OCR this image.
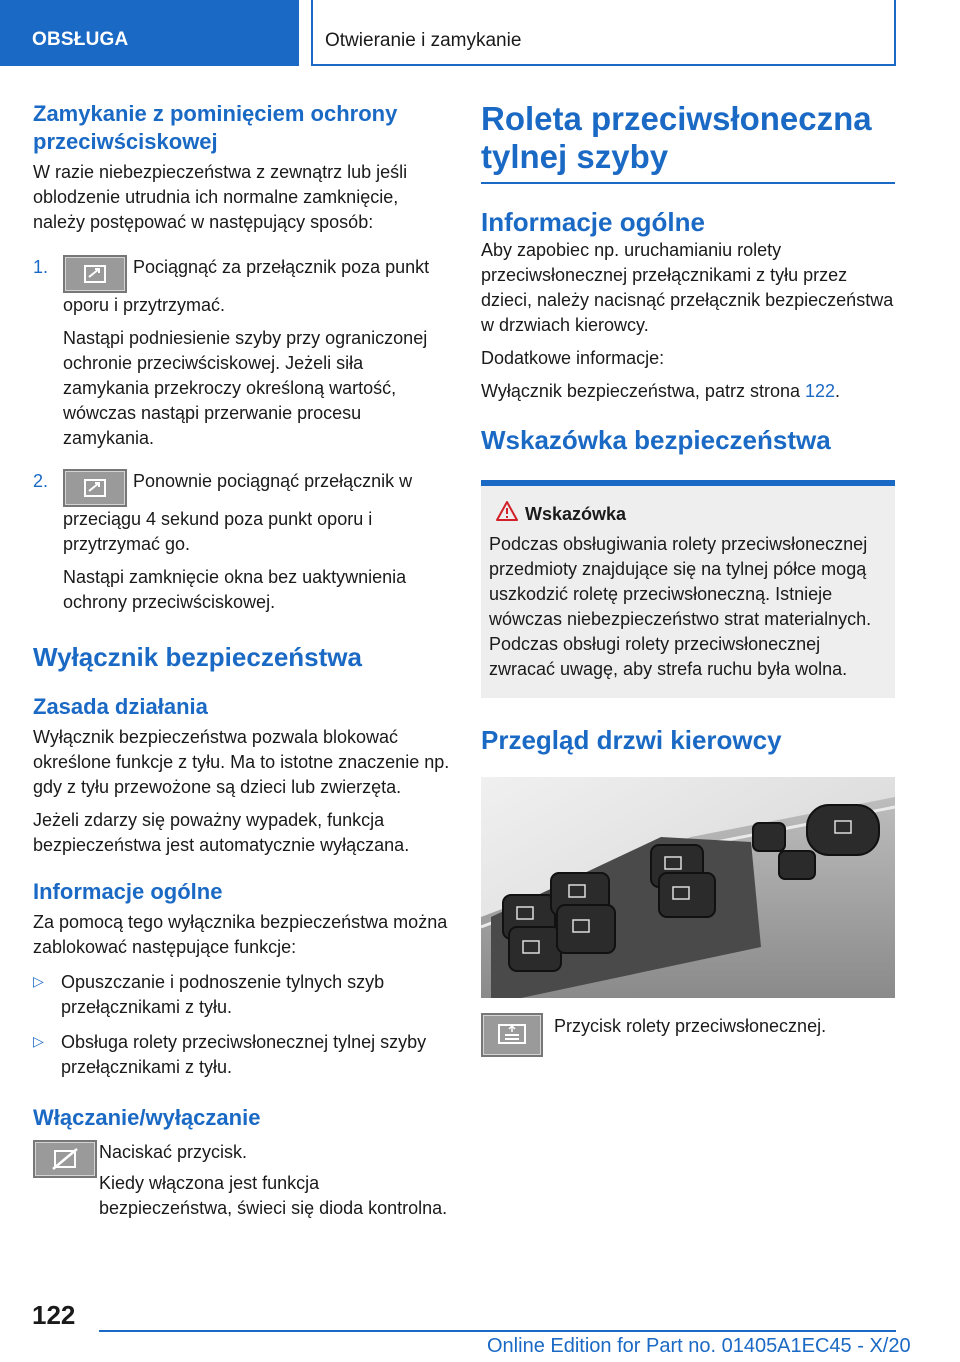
OBSŁUGA	Otwieranie i zamykanie
Zamykanie z pominięciem ochrony przeciwściskowej

W razie niebezpieczeństwa z zewnątrz lub jeśli oblodzenie utrudnia ich normalne zamknięcie, należy postępować w następujący sposób:

1.	Pociągnąć za przełącznik poza punkt oporu i przytrzymać.

Nastąpi podniesienie szyby przy ograniczonej ochronie przeciwściskowej. Jeżeli siła zamykania przekroczy określoną wartość, wówczas nastąpi przerwanie procesu zamykania.

2.	Ponownie pociągnąć przełącznik w przeciągu 4 sekund poza punkt oporu i przytrzymać go.

Nastąpi zamknięcie okna bez uaktywnienia ochrony przeciwściskowej.

Wyłącznik bezpieczeństwa
Zasada działania

Wyłącznik bezpieczeństwa pozwala blokować określone funkcje z tyłu. Ma to istotne znaczenie np. gdy z tyłu przewożone są dzieci lub zwierzęta.

Jeżeli zdarzy się poważny wypadek, funkcja bezpieczeństwa jest automatycznie wyłączana.

Informacje ogólne

Za pomocą tego wyłącznika bezpieczeństwa można zablokować następujące funkcje:

▷ Opuszczanie i podnoszenie tylnych szyb przełącznikami z tyłu.

▷ Obsługa rolety przeciwsłonecznej tylnej szyby przełącznikami z tyłu.

Włączanie/wyłączanie

Naciskać przycisk.

Kiedy włączona jest funkcja bezpieczeństwa, świeci się dioda kontrolna.

Roleta przeciwsłoneczna tylnej szyby
Informacje ogólne

Aby zapobiec np. uruchamianiu rolety przeciwsłonecznej przełącznikami z tyłu przez dzieci, należy nacisnąć przełącznik bezpieczeństwa w drzwiach kierowcy.

Dodatkowe informacje:

Wyłącznik bezpieczeństwa, patrz strona 122.

Wskazówka bezpieczeństwa
Wskazówka

Podczas obsługiwania rolety przeciwsłonecznej przedmioty znajdujące się na tylnej półce mogą uszkodzić roletę przeciwsłoneczną. Istnieje wówczas niebezpieczeństwo strat materialnych. Podczas obsługi rolety przeciwsłonecznej zwracać uwagę, aby strefa ruchu była wolna.

Przegląd drzwi kierowcy

Przycisk rolety przeciwsłonecznej.

122
Online Edition for Part no. 01405A1EC45 - X/20
